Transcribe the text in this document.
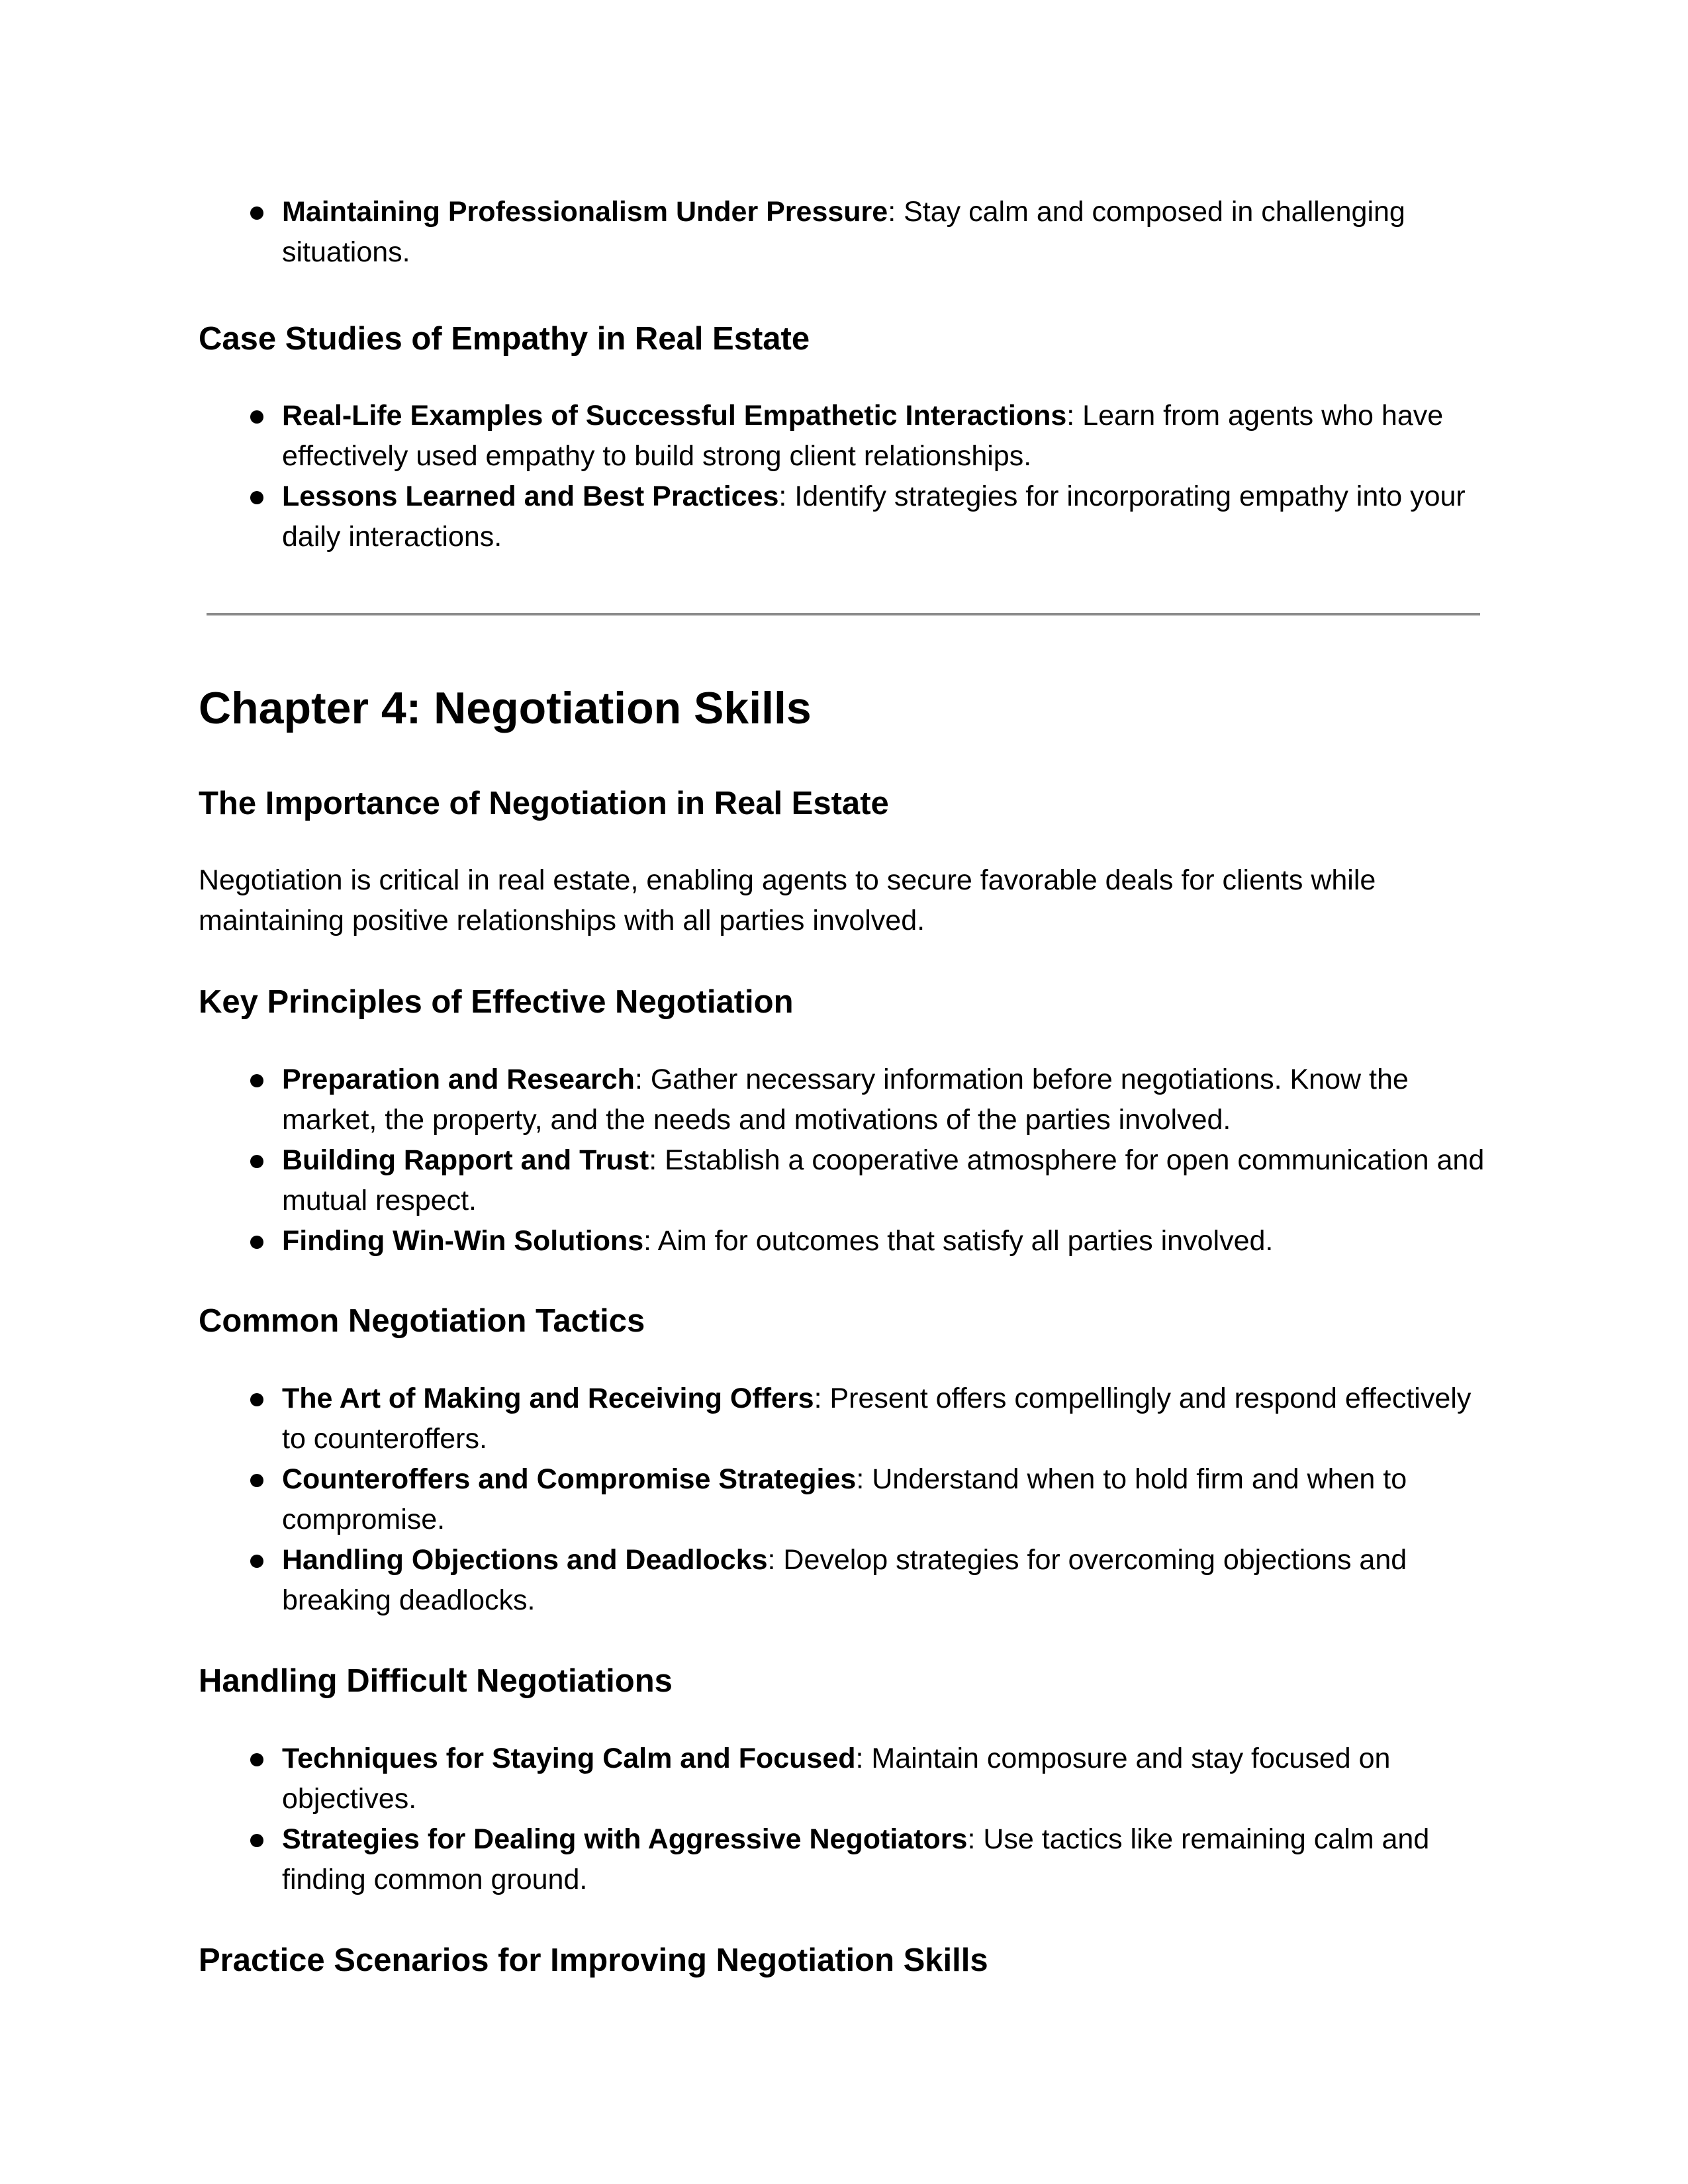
Maintaining Professionalism Under Pressure: Stay calm and composed in challenging situations.
Case Studies of Empathy in Real Estate
Real-Life Examples of Successful Empathetic Interactions: Learn from agents who have effectively used empathy to build strong client relationships.
Lessons Learned and Best Practices: Identify strategies for incorporating empathy into your daily interactions.
Chapter 4: Negotiation Skills
The Importance of Negotiation in Real Estate

Negotiation is critical in real estate, enabling agents to secure favorable deals for clients while maintaining positive relationships with all parties involved.

Key Principles of Effective Negotiation
Preparation and Research: Gather necessary information before negotiations. Know the market, the property, and the needs and motivations of the parties involved.
Building Rapport and Trust: Establish a cooperative atmosphere for open communication and mutual respect.
Finding Win-Win Solutions: Aim for outcomes that satisfy all parties involved.
Common Negotiation Tactics
The Art of Making and Receiving Offers: Present offers compellingly and respond effectively to counteroffers.
Counteroffers and Compromise Strategies: Understand when to hold firm and when to compromise.
Handling Objections and Deadlocks: Develop strategies for overcoming objections and breaking deadlocks.
Handling Difficult Negotiations
Techniques for Staying Calm and Focused: Maintain composure and stay focused on objectives.
Strategies for Dealing with Aggressive Negotiators: Use tactics like remaining calm and finding common ground.
Practice Scenarios for Improving Negotiation Skills
